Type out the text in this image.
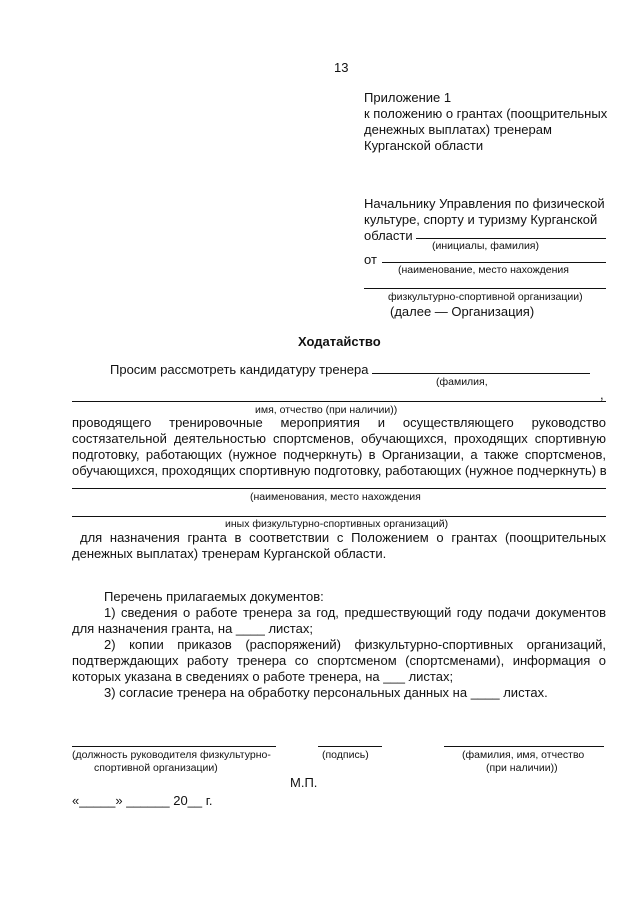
13
Приложение 1
к положению о грантах (поощрительных
денежных выплатах) тренерам
Курганской области
Начальнику Управления по физической
культуре, спорту и туризму Курганской
области
(инициалы, фамилия)
от
(наименование, место нахождения
физкультурно-спортивной организации)
(далее — Организация)
Ходатайство
Просим рассмотреть кандидатуру тренера
(фамилия,
,
имя, отчество (при наличии))
проводящего тренировочные мероприятия и осуществляющего руководство
состязательной деятельностью спортсменов, обучающихся, проходящих спортивную
подготовку, работающих (нужное подчеркнуть) в Организации, а также спортсменов,
обучающихся, проходящих спортивную подготовку, работающих (нужное подчеркнуть) в
(наименования, место нахождения
иных физкультурно-спортивных организаций)
для назначения гранта в соответствии с Положением о грантах (поощрительных
денежных выплатах) тренерам Курганской области.
Перечень прилагаемых документов:
1) сведения о работе тренера за год, предшествующий году подачи документов
для назначения гранта, на ____ листах;
2) копии приказов (распоряжений) физкультурно-спортивных организаций,
подтверждающих работу тренера со спортсменом (спортсменами), информация о
которых указана в сведениях о работе тренера, на ___ листах;
3) согласие тренера на обработку персональных данных на ____ листах.
(должность руководителя физкультурно-
спортивной организации)
(подпись)	(фамилия, имя, отчество
(при наличии))
М.П.
«_____» ______ 20__ г.
